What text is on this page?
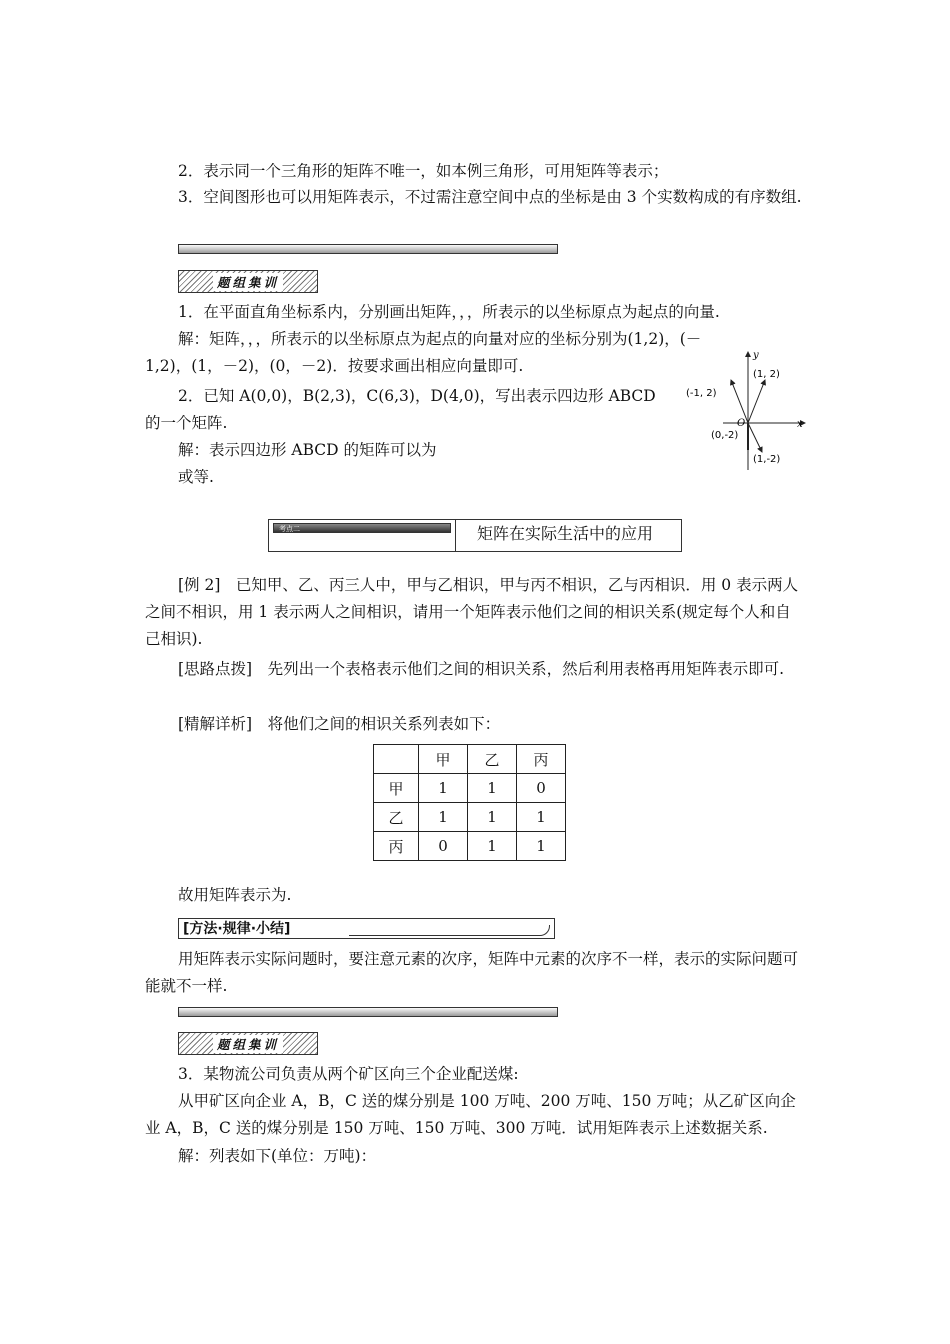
2．表示同一个三角形的矩阵不唯一，如本例三角形，可用矩阵等表示；
3．空间图形也可以用矩阵表示，不过需注意空间中点的坐标是由 3 个实数构成的有序数组.
题组集训
1．在平面直角坐标系内，分别画出矩阵，，，所表示的以坐标原点为起点的向量.
解：矩阵，，，所表示的以坐标原点为起点的向量对应的坐标分别为(1,2)，(－
1,2)，(1，－2)，(0，－2)．按要求画出相应向量即可.
2．已知 A(0,0)，B(2,3)，C(6,3)，D(4,0)，写出表示四边形 ABCD
的一个矩阵.
解：表示四边形 ABCD 的矩阵可以为
或等.
y
x
O
(1, 2)
(-1, 2)
(0,-2)
(1,-2)
考点二	矩阵在实际生活中的应用
[例 2]　已知甲、乙、丙三人中，甲与乙相识，甲与丙不相识，乙与丙相识．用 0 表示两人之间不相识，用 1 表示两人之间相识，请用一个矩阵表示他们之间的相识关系(规定每个人和自己相识).
[思路点拨]　先列出一个表格表示他们之间的相识关系，然后利用表格再用矩阵表示即可.
[精解详析]　将他们之间的相识关系列表如下：
	甲	乙	丙
甲	1	1	0
乙	1	1	1
丙	0	1	1
故用矩阵表示为.
[方法·规律·小结]
用矩阵表示实际问题时，要注意元素的次序，矩阵中元素的次序不一样，表示的实际问题可能就不一样.
题组集训
3．某物流公司负责从两个矿区向三个企业配送煤:
从甲矿区向企业 A，B，C 送的煤分别是 100 万吨、200 万吨、150 万吨；从乙矿区向企业 A，B，C 送的煤分别是 150 万吨、150 万吨、300 万吨．试用矩阵表示上述数据关系.
解：列表如下(单位：万吨)：
